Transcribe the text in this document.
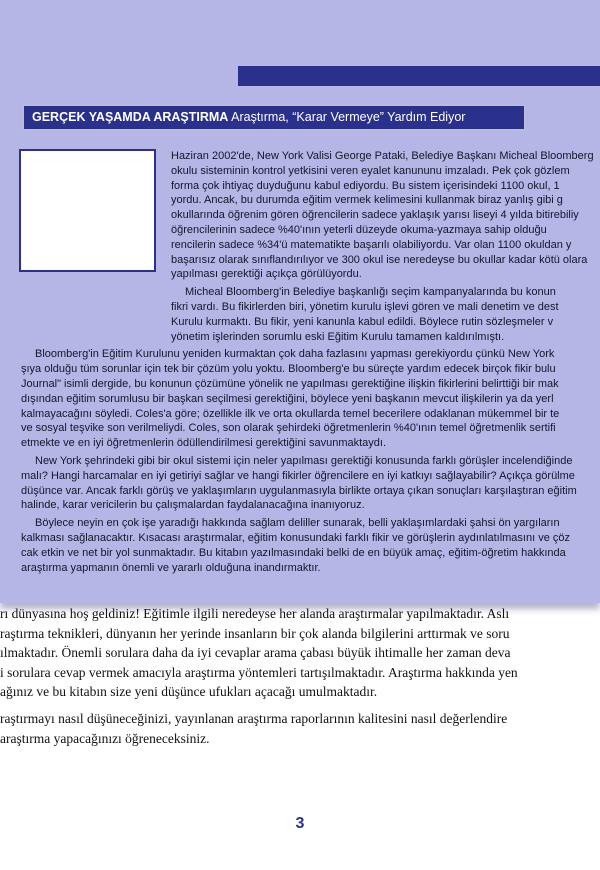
GERÇEK YAŞAMDA ARAŞTIRMA Araştırma, “Karar Vermeye” Yardım Ediyor

Haziran 2002'de, New York Valisi George Pataki, Belediye Başkanı Micheal Bloomberg

okulu sisteminin kontrol yetkisini veren eyalet kanununu imzaladı. Pek çok gözlem

forma çok ihtiyaç duyduğunu kabul ediyordu. Bu sistem içerisindeki 1100 okul, 1

yordu. Ancak, bu durumda eğitim vermek kelimesini kullanmak biraz yanlış gibi g

okullarında öğrenim gören öğrencilerin sadece yaklaşık yarısı liseyi 4 yılda bitirebiliy

öğrencilerinin sadece %40'ının yeterli düzeyde okuma-yazmaya sahip olduğu

rencilerin sadece %34'ü matematikte başarılı olabiliyordu. Var olan 1100 okuldan y

başarısız olarak sınıflandırılıyor ve 300 okul ise neredeyse bu okullar kadar kötü olara

yapılması gerektiği açıkça görülüyordu.

Micheal Bloomberg'in Belediye başkanlığı seçim kampanyalarında bu konun

fikri vardı. Bu fikirlerden biri, yönetim kurulu işlevi gören ve mali denetim ve dest

Kurulu kurmaktı. Bu fikir, yeni kanunla kabul edildi. Böylece rutin sözleşmeler v

yönetim işlerinden sorumlu eski Eğitim Kurulu tamamen kaldırılmıştı.

Bloomberg'in Eğitim Kurulunu yeniden kurmaktan çok daha fazlasını yapması gerekiyordu çünkü New York

şıya olduğu tüm sorunlar için tek bir çözüm yolu yoktu. Bloomberg'e bu süreçte yardım edecek birçok fikir bulu

Journal" isimli dergide, bu konunun çözümüne yönelik ne yapılması gerektiğine ilişkin fikirlerini belirttiği bir mak

dışından eğitim sorumlusu bir başkan seçilmesi gerektiğini, böylece yeni başkanın mevcut ilişkilerin ya da yerl

kalmayacağını söyledi. Coles'a göre; özellikle ilk ve orta okullarda temel becerilere odaklanan mükemmel bir te

ve sosyal teşvike son verilmeliydi. Coles, son olarak şehirdeki öğretmenlerin %40'ının temel öğretmenlik sertifi

etmekte ve en iyi öğretmenlerin ödüllendirilmesi gerektiğini savunmaktaydı.

New York şehrindeki gibi bir okul sistemi için neler yapılması gerektiği konusunda farklı görüşler incelendiğinde

malı? Hangi harcamalar en iyi getiriyi sağlar ve hangi fikirler öğrencilere en iyi katkıyı sağlayabilir? Açıkça görülme

düşünce var. Ancak farklı görüş ve yaklaşımların uygulanmasıyla birlikte ortaya çıkan sonuçları karşılaştıran eğitim

halinde, karar vericilerin bu çalışmalardan faydalanacağına inanıyoruz.

Böylece neyin en çok işe yaradığı hakkında sağlam deliller sunarak, belli yaklaşımlardaki şahsi ön yargıların

kalkması sağlanacaktır. Kısacası araştırmalar, eğitim konusundaki farklı fikir ve görüşlerin aydınlatılmasını ve çöz

cak etkin ve net bir yol sunmaktadır. Bu kitabın yazılmasındaki belki de en büyük amaç, eğitim-öğretim hakkında

araştırma yapmanın önemli ve yararlı olduğuna inandırmaktır.

rı dünyasına hoş geldiniz! Eğitimle ilgili neredeyse her alanda araştırmalar yapılmaktadır. Aslı

raştırma teknikleri, dünyanın her yerinde insanların bir çok alanda bilgilerini arttırmak ve soru

ılmaktadır. Önemli sorulara daha da iyi cevaplar arama çabası büyük ihtimalle her zaman deva

i sorulara cevap vermek amacıyla araştırma yöntemleri tartışılmaktadır. Araştırma hakkında yen

ağınız ve bu kitabın size yeni düşünce ufukları açacağı umulmaktadır.

raştırmayı nasıl düşüneceğinizi, yayınlanan araştırma raporlarının kalitesini nasıl değerlendire

araştırma yapacağınızı öğreneceksiniz.

3
